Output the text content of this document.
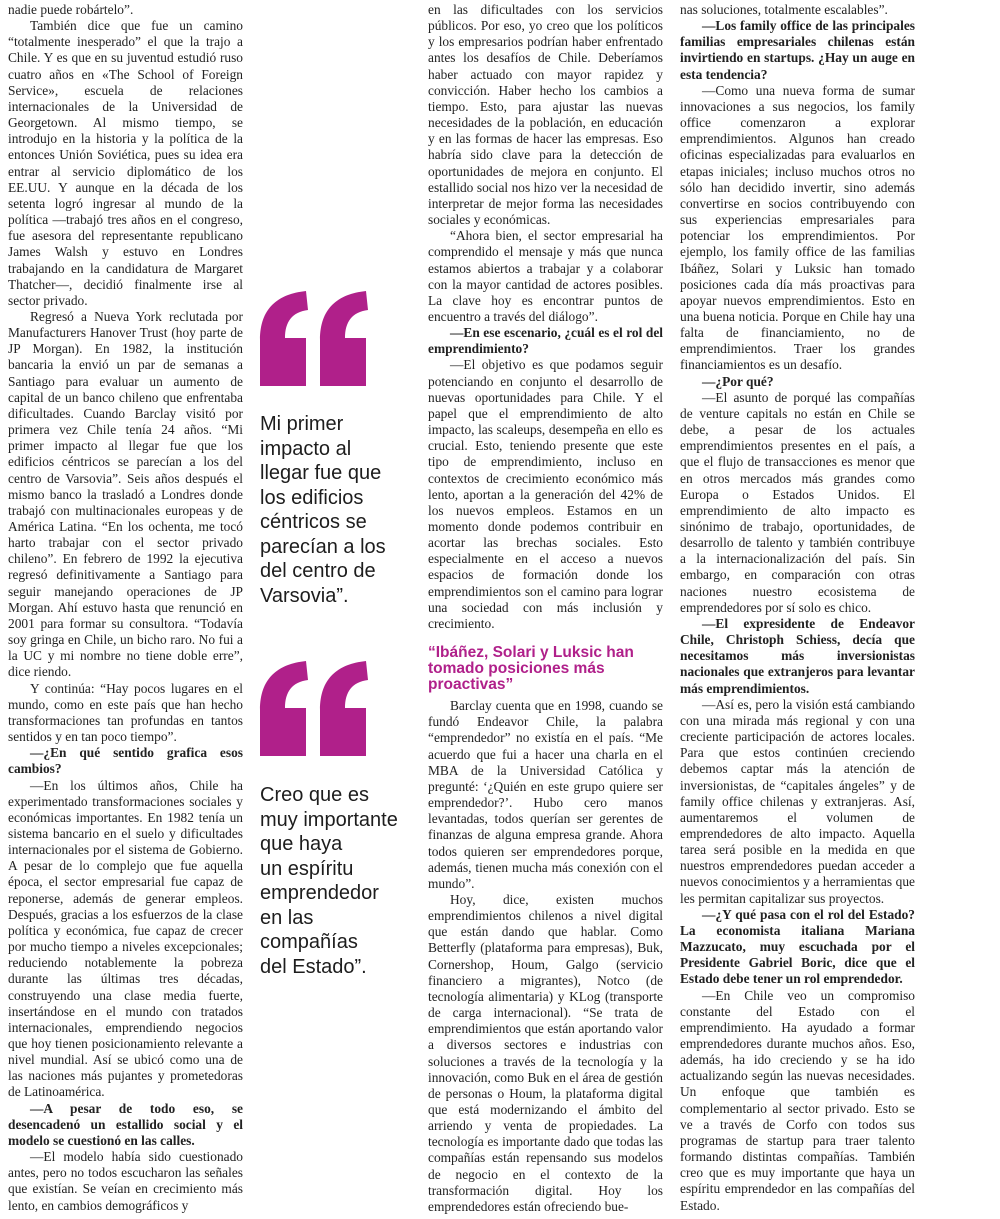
nadie puede robártelo”.

También dice que fue un camino “totalmente inesperado” el que la trajo a Chile. Y es que en su juventud estudió ruso cuatro años en «The School of Foreign Service», escuela de relaciones internacionales de la Universidad de Georgetown. Al mismo tiempo, se introdujo en la historia y la política de la entonces Unión Soviética, pues su idea era entrar al servicio diplomático de los EE.UU. Y aunque en la década de los setenta logró ingresar al mundo de la política —trabajó tres años en el congreso, fue asesora del representante republicano James Walsh y estuvo en Londres trabajando en la candidatura de Margaret Thatcher—, decidió finalmente irse al sector privado.

Regresó a Nueva York reclutada por Manufacturers Hanover Trust (hoy parte de JP Morgan). En 1982, la institución bancaria la envió un par de semanas a Santiago para evaluar un aumento de capital de un banco chileno que enfrentaba dificultades. Cuando Barclay visitó por primera vez Chile tenía 24 años. “Mi primer impacto al llegar fue que los edificios céntricos se parecían a los del centro de Varsovia”. Seis años después el mismo banco la trasladó a Londres donde trabajó con multinacionales europeas y de América Latina. “En los ochenta, me tocó harto trabajar con el sector privado chileno”. En febrero de 1992 la ejecutiva regresó definitivamente a Santiago para seguir manejando operaciones de JP Morgan. Ahí estuvo hasta que renunció en 2001 para formar su consultora. “Todavía soy gringa en Chile, un bicho raro. No fui a la UC y mi nombre no tiene doble erre”, dice riendo.

Y continúa: “Hay pocos lugares en el mundo, como en este país que han hecho transformaciones tan profundas en tantos sentidos y en tan poco tiempo”.

—¿En qué sentido grafica esos cambios?

—En los últimos años, Chile ha experimentado transformaciones sociales y económicas importantes. En 1982 tenía un sistema bancario en el suelo y dificultades internacionales por el sistema de Gobierno. A pesar de lo complejo que fue aquella época, el sector empresarial fue capaz de reponerse, además de generar empleos. Después, gracias a los esfuerzos de la clase política y económica, fue capaz de crecer por mucho tiempo a niveles excepcionales; reduciendo notablemente la pobreza durante las últimas tres décadas, construyendo una clase media fuerte, insertándose en el mundo con tratados internacionales, emprendiendo negocios que hoy tienen posicionamiento relevante a nivel mundial. Así se ubicó como una de las naciones más pujantes y prometedoras de Latinoamérica.

—A pesar de todo eso, se desencadenó un estallido social y el modelo se cuestionó en las calles.

—El modelo había sido cuestionado antes, pero no todos escucharon las señales que existían. Se veían en crecimiento más lento, en cambios demográficos y

Mi primer
impacto al
llegar fue que
los edificios
céntricos se
parecían a los
del centro de
Varsovia”.
Creo que es
muy importante
que haya
un espíritu
emprendedor
en las
compañías
del Estado”.

en las dificultades con los servicios públicos. Por eso, yo creo que los políticos y los empresarios podrían haber enfrentado antes los desafíos de Chile. Deberíamos haber actuado con mayor rapidez y convicción. Haber hecho los cambios a tiempo. Esto, para ajustar las nuevas necesidades de la población, en educación y en las formas de hacer las empresas. Eso habría sido clave para la detección de oportunidades de mejora en conjunto. El estallido social nos hizo ver la necesidad de interpretar de mejor forma las necesidades sociales y económicas.

“Ahora bien, el sector empresarial ha comprendido el mensaje y más que nunca estamos abiertos a trabajar y a colaborar con la mayor cantidad de actores posibles. La clave hoy es encontrar puntos de encuentro a través del diálogo”.

—En ese escenario, ¿cuál es el rol del emprendimiento?

—El objetivo es que podamos seguir potenciando en conjunto el desarrollo de nuevas oportunidades para Chile. Y el papel que el emprendimiento de alto impacto, las scaleups, desempeña en ello es crucial. Esto, teniendo presente que este tipo de emprendimiento, incluso en contextos de crecimiento económico más lento, aportan a la generación del 42% de los nuevos empleos. Estamos en un momento donde podemos contribuir en acortar las brechas sociales. Esto especialmente en el acceso a nuevos espacios de formación donde los emprendimientos son el camino para lograr una sociedad con más inclusión y crecimiento.

“Ibáñez, Solari y Luksic han tomado posiciones más proactivas”

Barclay cuenta que en 1998, cuando se fundó Endeavor Chile, la palabra “emprendedor” no existía en el país. “Me acuerdo que fui a hacer una charla en el MBA de la Universidad Católica y pregunté: ‘¿Quién en este grupo quiere ser emprendedor?’. Hubo cero manos levantadas, todos querían ser gerentes de finanzas de alguna empresa grande. Ahora todos quieren ser emprendedores porque, además, tienen mucha más conexión con el mundo”.

Hoy, dice, existen muchos emprendimientos chilenos a nivel digital que están dando que hablar. Como Betterfly (plataforma para empresas), Buk, Cornershop, Houm, Galgo (servicio financiero a migrantes), Notco (de tecnología alimentaria) y KLog (transporte de carga internacional). “Se trata de emprendimientos que están aportando valor a diversos sectores e industrias con soluciones a través de la tecnología y la innovación, como Buk en el área de gestión de personas o Houm, la plataforma digital que está modernizando el ámbito del arriendo y venta de propiedades. La tecnología es importante dado que todas las compañías están repensando sus modelos de negocio en el contexto de la transformación digital. Hoy los emprendedores están ofreciendo bue-

nas soluciones, totalmente escalables”.

—Los family office de las principales familias empresariales chilenas están invirtiendo en startups. ¿Hay un auge en esta tendencia?

—Como una nueva forma de sumar innovaciones a sus negocios, los family office comenzaron a explorar emprendimientos. Algunos han creado oficinas especializadas para evaluarlos en etapas iniciales; incluso muchos otros no sólo han decidido invertir, sino además convertirse en socios contribuyendo con sus experiencias empresariales para potenciar los emprendimientos. Por ejemplo, los family office de las familias Ibáñez, Solari y Luksic han tomado posiciones cada día más proactivas para apoyar nuevos emprendimientos. Esto en una buena noticia. Porque en Chile hay una falta de financiamiento, no de emprendimientos. Traer los grandes financiamientos es un desafío.

—¿Por qué?

—El asunto de porqué las compañías de venture capitals no están en Chile se debe, a pesar de los actuales emprendimientos presentes en el país, a que el flujo de transacciones es menor que en otros mercados más grandes como Europa o Estados Unidos. El emprendimiento de alto impacto es sinónimo de trabajo, oportunidades, de desarrollo de talento y también contribuye a la internacionalización del país. Sin embargo, en comparación con otras naciones nuestro ecosistema de emprendedores por sí solo es chico.

—El expresidente de Endeavor Chile, Christoph Schiess, decía que necesitamos más inversionistas nacionales que extranjeros para levantar más emprendimientos.

—Así es, pero la visión está cambiando con una mirada más regional y con una creciente participación de actores locales. Para que estos continúen creciendo debemos captar más la atención de inversionistas, de “capitales ángeles” y de family office chilenas y extranjeras. Así, aumentaremos el volumen de emprendedores de alto impacto. Aquella tarea será posible en la medida en que nuestros emprendedores puedan acceder a nuevos conocimientos y a herramientas que les permitan capitalizar sus proyectos.

—¿Y qué pasa con el rol del Estado? La economista italiana Mariana Mazzucato, muy escuchada por el Presidente Gabriel Boric, dice que el Estado debe tener un rol emprendedor.

—En Chile veo un compromiso constante del Estado con el emprendimiento. Ha ayudado a formar emprendedores durante muchos años. Eso, además, ha ido creciendo y se ha ido actualizando según las nuevas necesidades. Un enfoque que también es complementario al sector privado. Esto se ve a través de Corfo con todos sus programas de startup para traer talento formando distintas compañías. También creo que es muy importante que haya un espíritu emprendedor en las compañías del Estado.
